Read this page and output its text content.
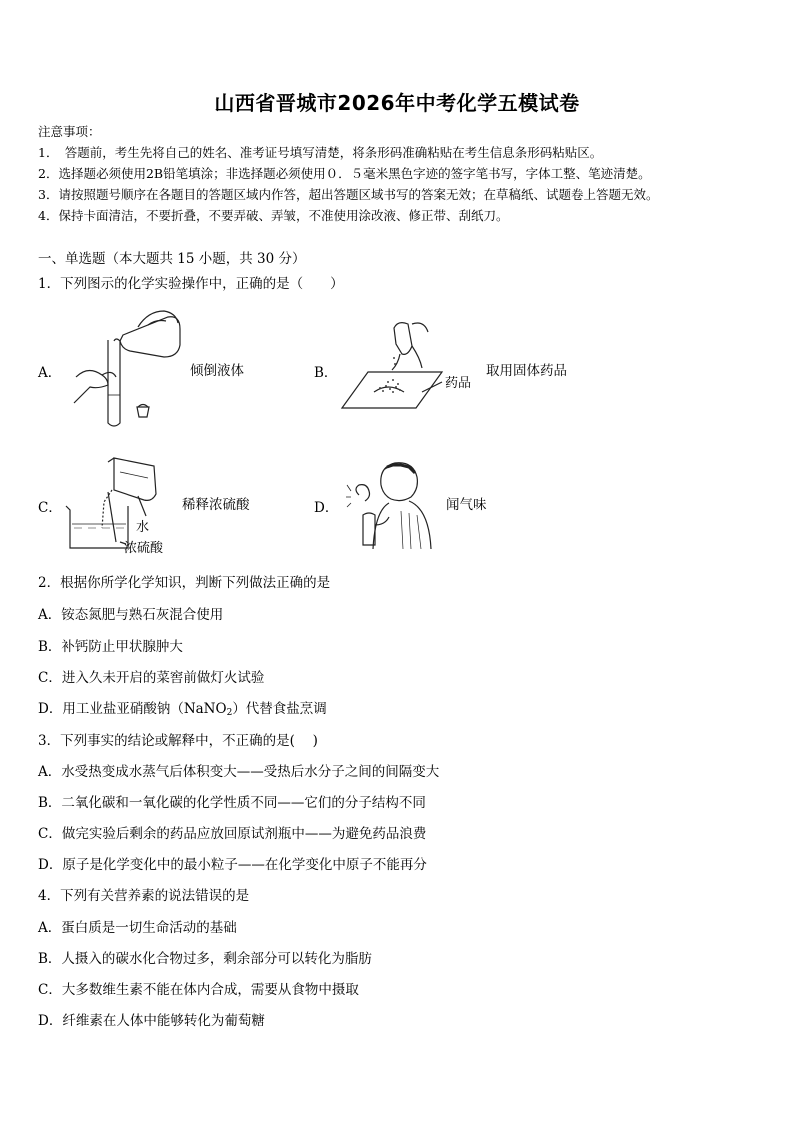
山西省晋城市2026年中考化学五模试卷
注意事项：
1．　答题前，考生先将自己的姓名、准考证号填写清楚，将条形码准确粘贴在考生信息条形码粘贴区。
2．选择题必须使用2B铅笔填涂；非选择题必须使用０．５毫米黑色字迹的签字笔书写，字体工整、笔迹清楚。
3．请按照题号顺序在各题目的答题区域内作答，超出答题区域书写的答案无效；在草稿纸、试题卷上答题无效。
4．保持卡面清洁，不要折叠，不要弄破、弄皱，不准使用涂改液、修正带、刮纸刀。
一、单选题（本大题共 15 小题，共 30 分）
1．下列图示的化学实验操作中，正确的是（　　）
A．	倾倒液体	B．
药品
取用固体药品
C．
水
浓硫酸
稀释浓硫酸	D．	闻气味
2．根据你所学化学知识，判断下列做法正确的是
A．铵态氮肥与熟石灰混合使用
B．补钙防止甲状腺肿大
C．进入久未开启的菜窖前做灯火试验
D．用工业盐亚硝酸钠（NaNO$_2$）代替食盐烹调
3．下列事实的结论或解释中，不正确的是(　 )
A．水受热变成水蒸气后体积变大——受热后水分子之间的间隔变大
B．二氧化碳和一氧化碳的化学性质不同——它们的分子结构不同
C．做完实验后剩余的药品应放回原试剂瓶中——为避免药品浪费
D．原子是化学变化中的最小粒子——在化学变化中原子不能再分
4．下列有关营养素的说法错误的是
A．蛋白质是一切生命活动的基础
B．人摄入的碳水化合物过多，剩余部分可以转化为脂肪
C．大多数维生素不能在体内合成，需要从食物中摄取
D．纤维素在人体中能够转化为葡萄糖
